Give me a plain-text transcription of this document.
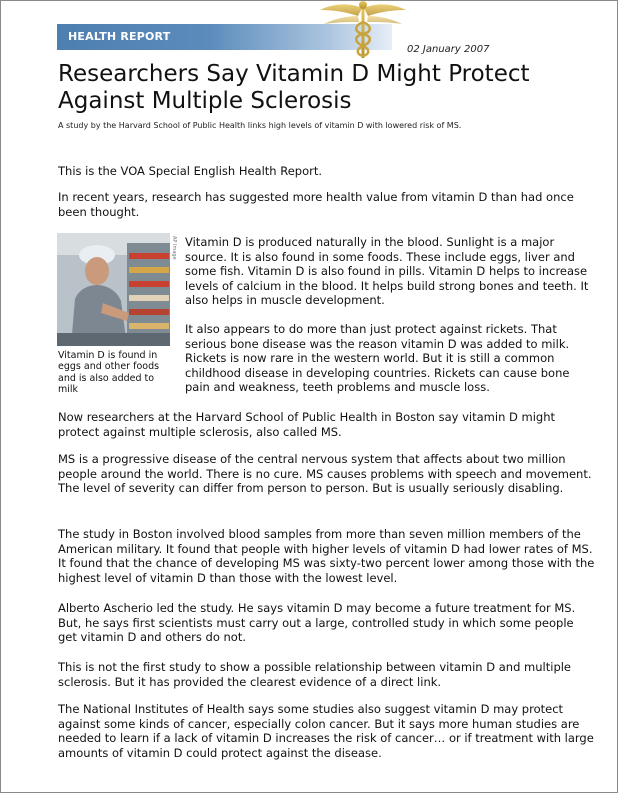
HEALTH REPORT
02 January 2007
Researchers Say Vitamin D Might Protect Against Multiple Sclerosis
A study by the Harvard School of Public Health links high levels of vitamin D with lowered risk of MS.
This is the VOA Special English Health Report.
In recent years, research has suggested more health value from vitamin D than had once been thought.
AP Image
Vitamin D is found in eggs and other foods and is also added to milk
Vitamin D is produced naturally in the blood. Sunlight is a major source. It is also found in some foods. These include eggs, liver and some fish. Vitamin D is also found in pills. Vitamin D helps to increase levels of calcium in the blood. It helps build strong bones and teeth. It also helps in muscle development.
It also appears to do more than just protect against rickets. That serious bone disease was the reason vitamin D was added to milk. Rickets is now rare in the western world. But it is still a common childhood disease in developing countries. Rickets can cause bone pain and weakness, teeth problems and muscle loss.
Now researchers at the Harvard School of Public Health in Boston say vitamin D might protect against multiple sclerosis, also called MS.
MS is a progressive disease of the central nervous system that affects about two million people around the world. There is no cure. MS causes problems with speech and movement. The level of severity can differ from person to person. But is usually seriously disabling.
The study in Boston involved blood samples from more than seven million members of the American military. It found that people with higher levels of vitamin D had lower rates of MS. It found that the chance of developing MS was sixty-two percent lower among those with the highest level of vitamin D than those with the lowest level.
Alberto Ascherio led the study. He says vitamin D may become a future treatment for MS. But, he says first scientists must carry out a large, controlled study in which some people get vitamin D and others do not.
This is not the first study to show a possible relationship between vitamin D and multiple sclerosis. But it has provided the clearest evidence of a direct link.
The National Institutes of Health says some studies also suggest vitamin D may protect against some kinds of cancer, especially colon cancer. But it says more human studies are needed to learn if a lack of vitamin D increases the risk of cancer… or if treatment with large amounts of vitamin D could protect against the disease.
